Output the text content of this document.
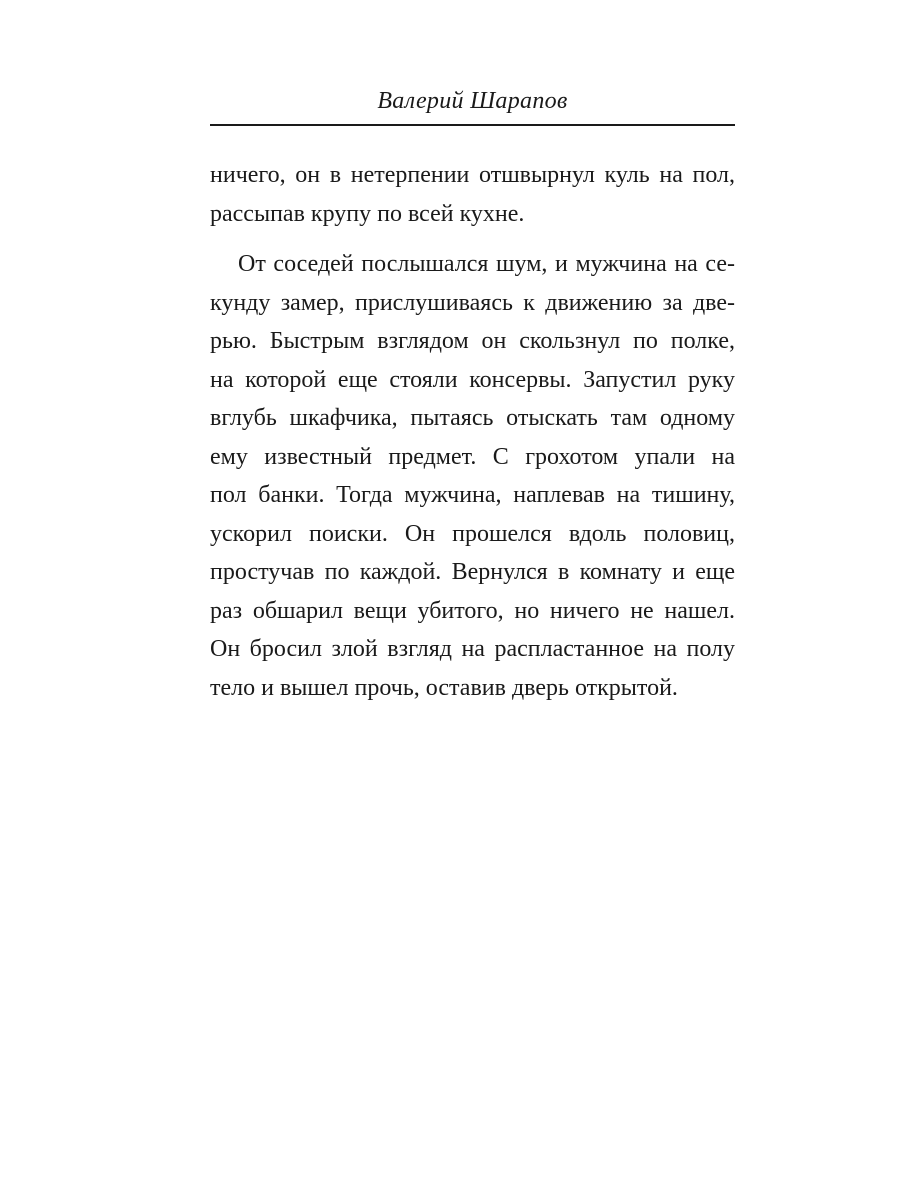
Валерий Шарапов
ничего, он в нетерпении отшвырнул куль на пол,
рассыпав крупу по всей кухне.
От соседей послышался шум, и мужчина на се-
кунду замер, прислушиваясь к движению за две-
рью. Быстрым взглядом он скользнул по полке,
на которой еще стояли консервы. Запустил руку
вглубь шкафчика, пытаясь отыскать там одному
ему известный предмет. С грохотом упали на
пол банки. Тогда мужчина, наплевав на тишину,
ускорил поиски. Он прошелся вдоль половиц,
простучав по каждой. Вернулся в комнату и еще
раз обшарил вещи убитого, но ничего не нашел.
Он бросил злой взгляд на распластанное на полу
тело и вышел прочь, оставив дверь открытой.
